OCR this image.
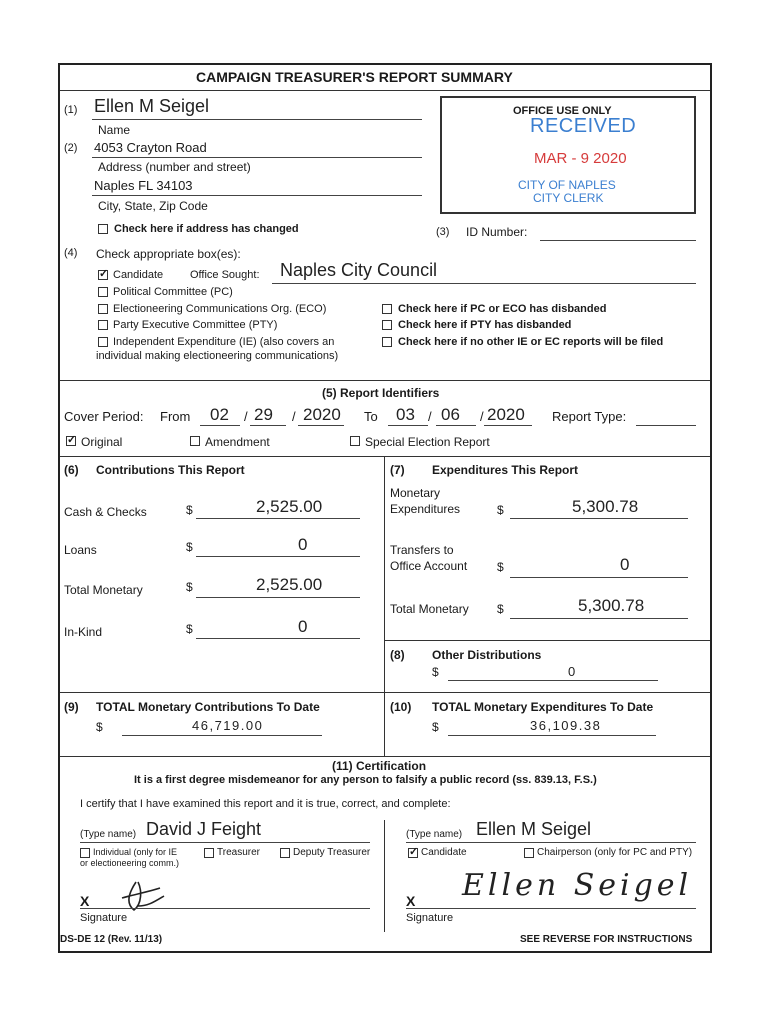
CAMPAIGN TREASURER'S REPORT SUMMARY
(1) Ellen M Seigel
Name
(2) 4053 Crayton Road
Address (number and street)
Naples FL 34103
City, State, Zip Code
Check here if address has changed
OFFICE USE ONLY
RECEIVED
MAR - 9 2020
CITY OF NAPLES
CITY CLERK
(3) ID Number:
(4) Check appropriate box(es):
✓
Candidate Office Sought: Naples City Council
Political Committee (PC)
Electioneering Communications Org. (ECO)
Party Executive Committee (PTY)
Independent Expenditure (IE) (also covers an
individual making electioneering communications)
Check here if PC or ECO has disbanded
Check here if PTY has disbanded
Check here if no other IE or EC reports will be filed
(5) Report Identifiers
Cover Period: From 02 / 29 / 2020 To 03 / 06 / 2020 Report Type:
✓
Original	Amendment	Special Election Report
(6) Contributions This Report
Cash & Checks	$	2,525.00
Loans	$	0
Total Monetary	$	2,525.00
In-Kind	$	0
(7) Expenditures This Report
Monetary
Expenditures	$	5,300.78
Transfers to
Office Account $	0
Total Monetary $	5,300.78
(8) Other Distributions
$	0
(9) TOTAL Monetary Contributions To Date
$	46,719.00
(10) TOTAL Monetary Expenditures To Date
$	36,109.38
(11) Certification
It is a first degree misdemeanor for any person to falsify a public record (ss. 839.13, F.S.)
I certify that I have examined this report and it is true, correct, and complete:
(Type name) David J Feight
Individual (only for IE
or electioneering comm.)
Treasurer	Deputy Treasurer
X
Signature
(Type name) Ellen M Seigel
✓
Candidate	Chairperson (only for PC and PTY)
X Ellen Seigel
Signature
DS-DE 12 (Rev. 11/13)	SEE REVERSE FOR INSTRUCTIONS
